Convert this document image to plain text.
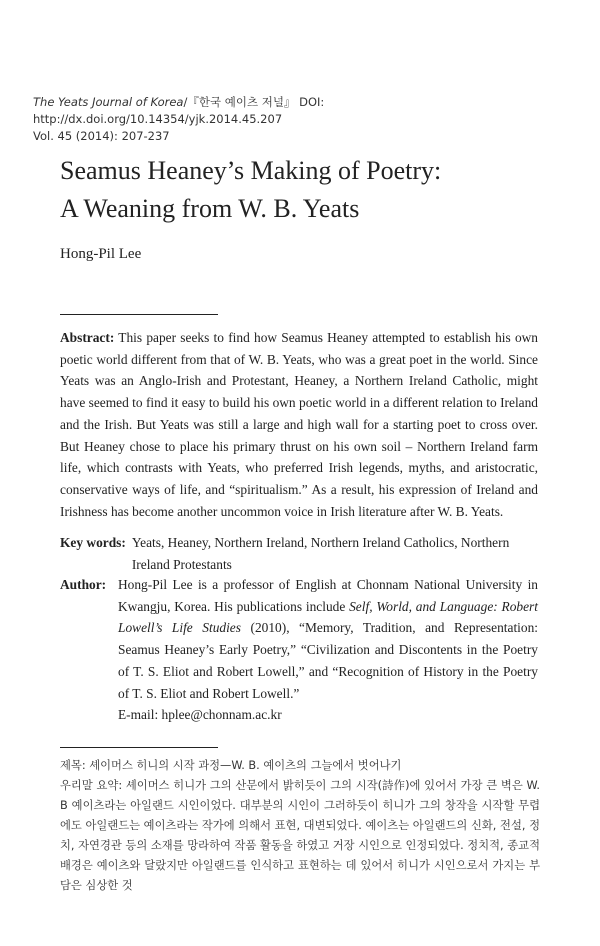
The Yeats Journal of Korea/『한국 예이츠 저널』 DOI: http://dx.doi.org/10.14354/yjk.2014.45.207
Vol. 45 (2014): 207-237
Seamus Heaney’s Making of Poetry:
A Weaning from W. B. Yeats
Hong-Pil Lee

Abstract: This paper seeks to find how Seamus Heaney attempted to establish his own poetic world different from that of W. B. Yeats, who was a great poet in the world. Since Yeats was an Anglo-Irish and Protestant, Heaney, a Northern Ireland Catholic, might have seemed to find it easy to build his own poetic world in a different relation to Ireland and the Irish. But Yeats was still a large and high wall for a starting poet to cross over. But Heaney chose to place his primary thrust on his own soil – Northern Ireland farm life, which contrasts with Yeats, who preferred Irish legends, myths, and aristocratic, conservative ways of life, and “spiritualism.” As a result, his expression of Ireland and Irishness has become another uncommon voice in Irish literature after W. B. Yeats.

Key words: Yeats, Heaney, Northern Ireland, Northern Ireland Catholics, Northern Ireland Protestants
Author: Hong-Pil Lee is a professor of English at Chonnam National University in Kwangju, Korea. His publications include Self, World, and Language: Robert Lowell’s Life Studies (2010), “Memory, Tradition, and Representation: Seamus Heaney’s Early Poetry,” “Civilization and Discontents in the Poetry of T. S. Eliot and Robert Lowell,” and “Recognition of History in the Poetry of T. S. Eliot and Robert Lowell.”
E-mail: hplee@chonnam.ac.kr

제목: 셰이머스 히니의 시작 과정—W. B. 예이츠의 그늘에서 벗어나기

우리말 요약: 셰이머스 히니가 그의 산문에서 밝히듯이 그의 시작(詩作)에 있어서 가장 큰 벽은 W. B 예이츠라는 아일랜드 시인이었다. 대부분의 시인이 그러하듯이 히니가 그의 창작을 시작할 무렵에도 아일랜드는 예이츠라는 작가에 의해서 표현, 대변되었다. 예이츠는 아일랜드의 신화, 전설, 정치, 자연경관 등의 소재를 망라하여 작품 활동을 하였고 거장 시인으로 인정되었다. 정치적, 종교적 배경은 예이츠와 달랐지만 아일랜드를 인식하고 표현하는 데 있어서 히니가 시인으로서 가지는 부담은 심상한 것
